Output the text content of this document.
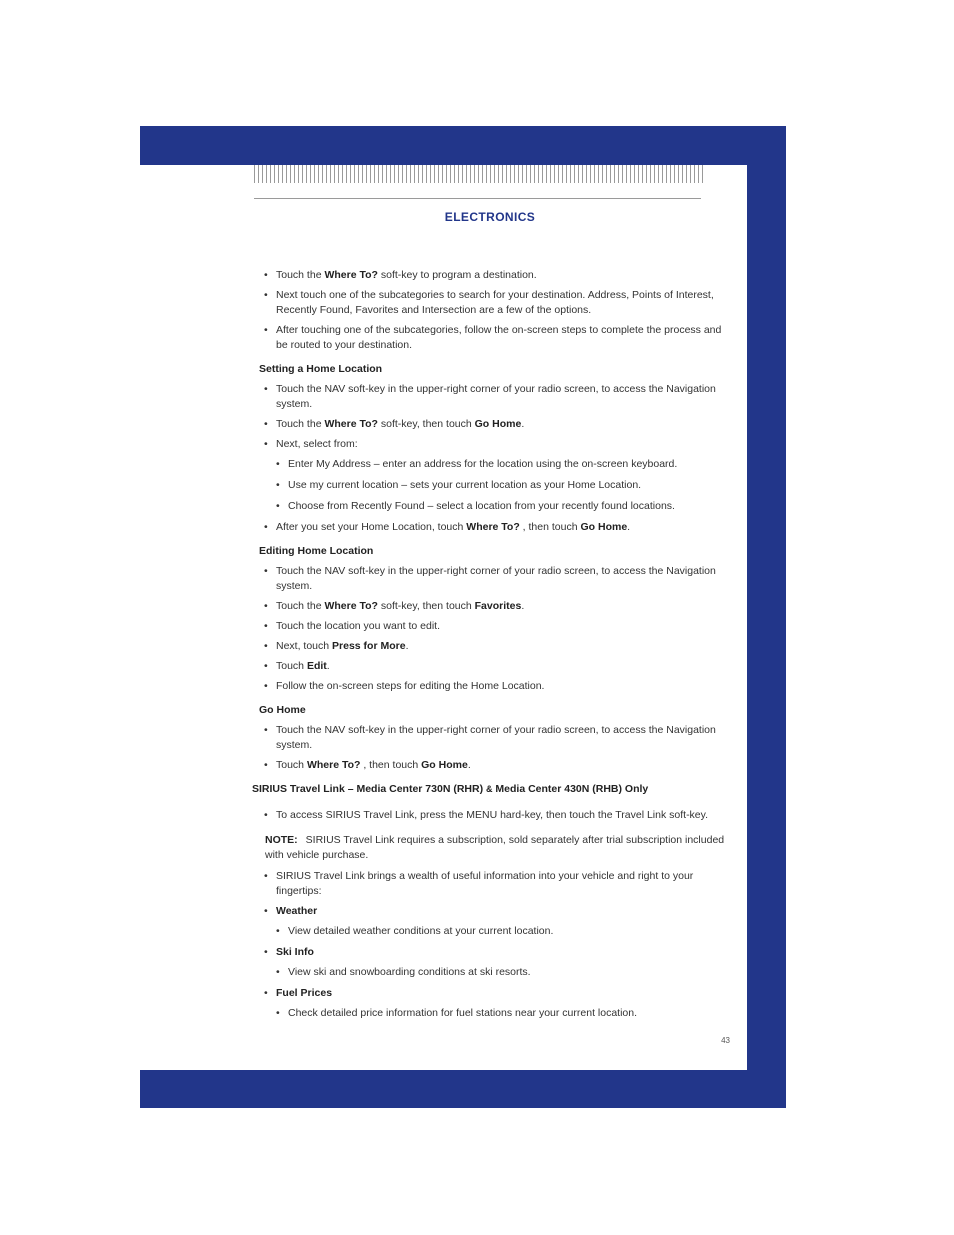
ELECTRONICS
• Touch the Where To? soft-key to program a destination.
• Next touch one of the subcategories to search for your destination. Address, Points of Interest, Recently Found, Favorites and Intersection are a few of the options.
• After touching one of the subcategories, follow the on-screen steps to complete the process and be routed to your destination.
Setting a Home Location
• Touch the NAV soft-key in the upper-right corner of your radio screen, to access the Navigation system.
• Touch the Where To? soft-key, then touch Go Home.
• Next, select from:
• Enter My Address – enter an address for the location using the on-screen keyboard.
• Use my current location – sets your current location as your Home Location.
• Choose from Recently Found – select a location from your recently found locations.
• After you set your Home Location, touch Where To? , then touch Go Home.
Editing Home Location
• Touch the NAV soft-key in the upper-right corner of your radio screen, to access the Navigation system.
• Touch the Where To? soft-key, then touch Favorites.
• Touch the location you want to edit.
• Next, touch Press for More.
• Touch Edit.
• Follow the on-screen steps for editing the Home Location.
Go Home
• Touch the NAV soft-key in the upper-right corner of your radio screen, to access the Navigation system.
• Touch Where To? , then touch Go Home.
SIRIUS Travel Link – Media Center 730N (RHR) & Media Center 430N (RHB) Only
• To access SIRIUS Travel Link, press the MENU hard-key, then touch the Travel Link soft-key.
NOTE: SIRIUS Travel Link requires a subscription, sold separately after trial subscription included with vehicle purchase.
• SIRIUS Travel Link brings a wealth of useful information into your vehicle and right to your fingertips:
• Weather
• View detailed weather conditions at your current location.
• Ski Info
• View ski and snowboarding conditions at ski resorts.
• Fuel Prices
• Check detailed price information for fuel stations near your current location.
43
